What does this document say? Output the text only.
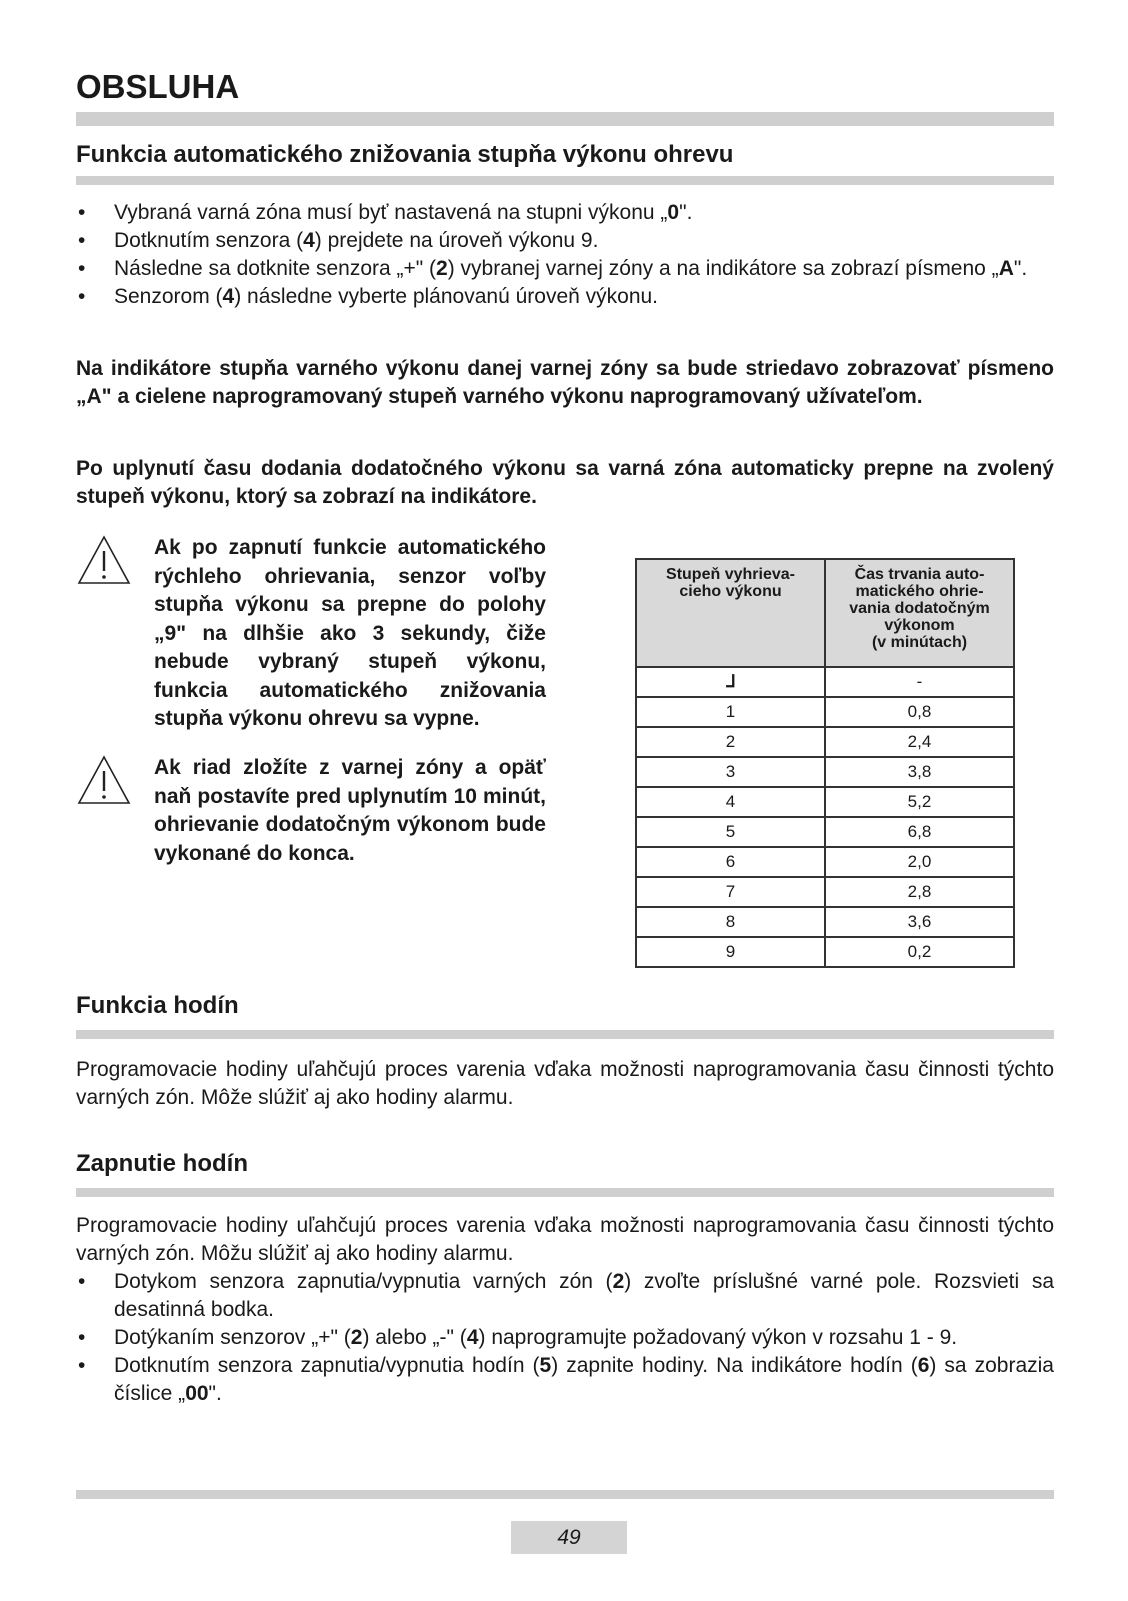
OBSLUHA
Funkcia automatického znižovania stupňa výkonu ohrevu
• Vybraná varná zóna musí byť nastavená na stupni výkonu „0".
• Dotknutím senzora (4) prejdete na úroveň výkonu 9.
• Následne sa dotknite senzora „+" (2) vybranej varnej zóny a na indikátore sa zobrazí písmeno „A".
• Senzorom (4) následne vyberte plánovanú úroveň výkonu.

Na indikátore stupňa varného výkonu danej varnej zóny sa bude striedavo zobrazovať písmeno „A" a cielene naprogramovaný stupeň varného výkonu naprogramovaný užívateľom.

Po uplynutí času dodania dodatočného výkonu sa varná zóna automaticky prepne na zvolený stupeň výkonu, ktorý sa zobrazí na indikátore.

Ak po zapnutí funkcie automatického rýchleho ohrievania, senzor voľby stupňa výkonu sa prepne do polohy „9" na dlhšie ako 3 sekundy, čiže nebude vybraný stupeň výkonu, funkcia automatického znižovania stupňa výkonu ohrevu sa vypne.

Ak riad zložíte z varnej zóny a opäť naň postavíte pred uplynutím 10 minút, ohrievanie dodatočným výkonom bude vykonané do konca.

Stupeň vyhrieva-
cieho výkonu	Čas trvania auto-
matického ohrie-
vania dodatočným
výkonom
(v minútach)
ᒧ	-
1	0,8
2	2,4
3	3,8
4	5,2
5	6,8
6	2,0
7	2,8
8	3,6
9	0,2
Funkcia hodín

Programovacie hodiny uľahčujú proces varenia vďaka možnosti naprogramovania času činnosti týchto varných zón. Môže slúžiť aj ako hodiny alarmu.

Zapnutie hodín

Programovacie hodiny uľahčujú proces varenia vďaka možnosti naprogramovania času činnosti týchto varných zón. Môžu slúžiť aj ako hodiny alarmu.

• Dotykom senzora zapnutia/vypnutia varných zón (2) zvoľte príslušné varné pole. Rozsvieti sa desatinná bodka.
• Dotýkaním senzorov „+" (2) alebo „-" (4) naprogramujte požadovaný výkon v rozsahu 1 - 9.
• Dotknutím senzora zapnutia/vypnutia hodín (5) zapnite hodiny. Na indikátore hodín (6) sa zobrazia číslice „00".
49
